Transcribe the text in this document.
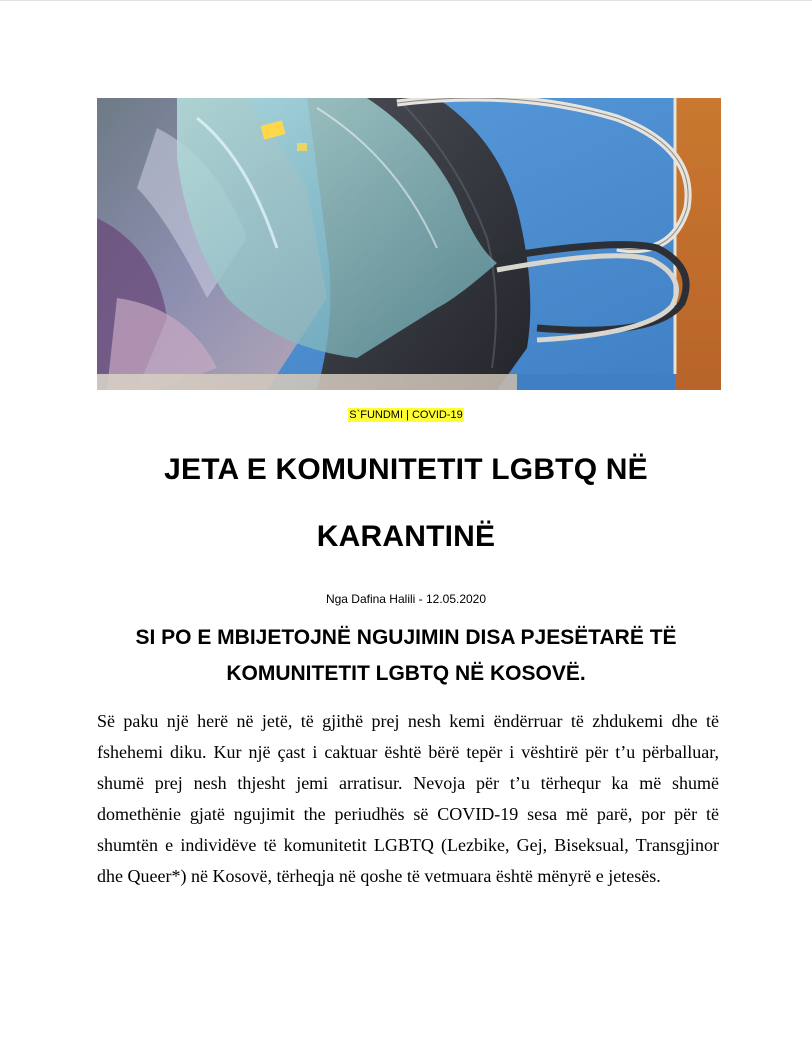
S`FUNDMI | COVID-19
JETA E KOMUNITETIT LGBTQ NË KARANTINË
Nga Dafina Halili - 12.05.2020
SI PO E MBIJETOJNË NGUJIMIN DISA PJESËTARË TË KOMUNITETIT LGBTQ NË KOSOVË.

Së paku një herë në jetë, të gjithë prej nesh kemi ëndërruar të zhdukemi dhe të fshehemi diku. Kur një çast i caktuar është bërë tepër i vështirë për t’u përballuar, shumë prej nesh thjesht jemi arratisur. Nevoja për t’u tërhequr ka më shumë domethënie gjatë ngujimit the periudhës së COVID-19 sesa më parë, por për të shumtën e individëve të komunitetit LGBTQ (Lezbike, Gej, Biseksual, Transgjinor dhe Queer*) në Kosovë, tërheqja në qoshe të vetmuara është mënyrë e jetesës.
